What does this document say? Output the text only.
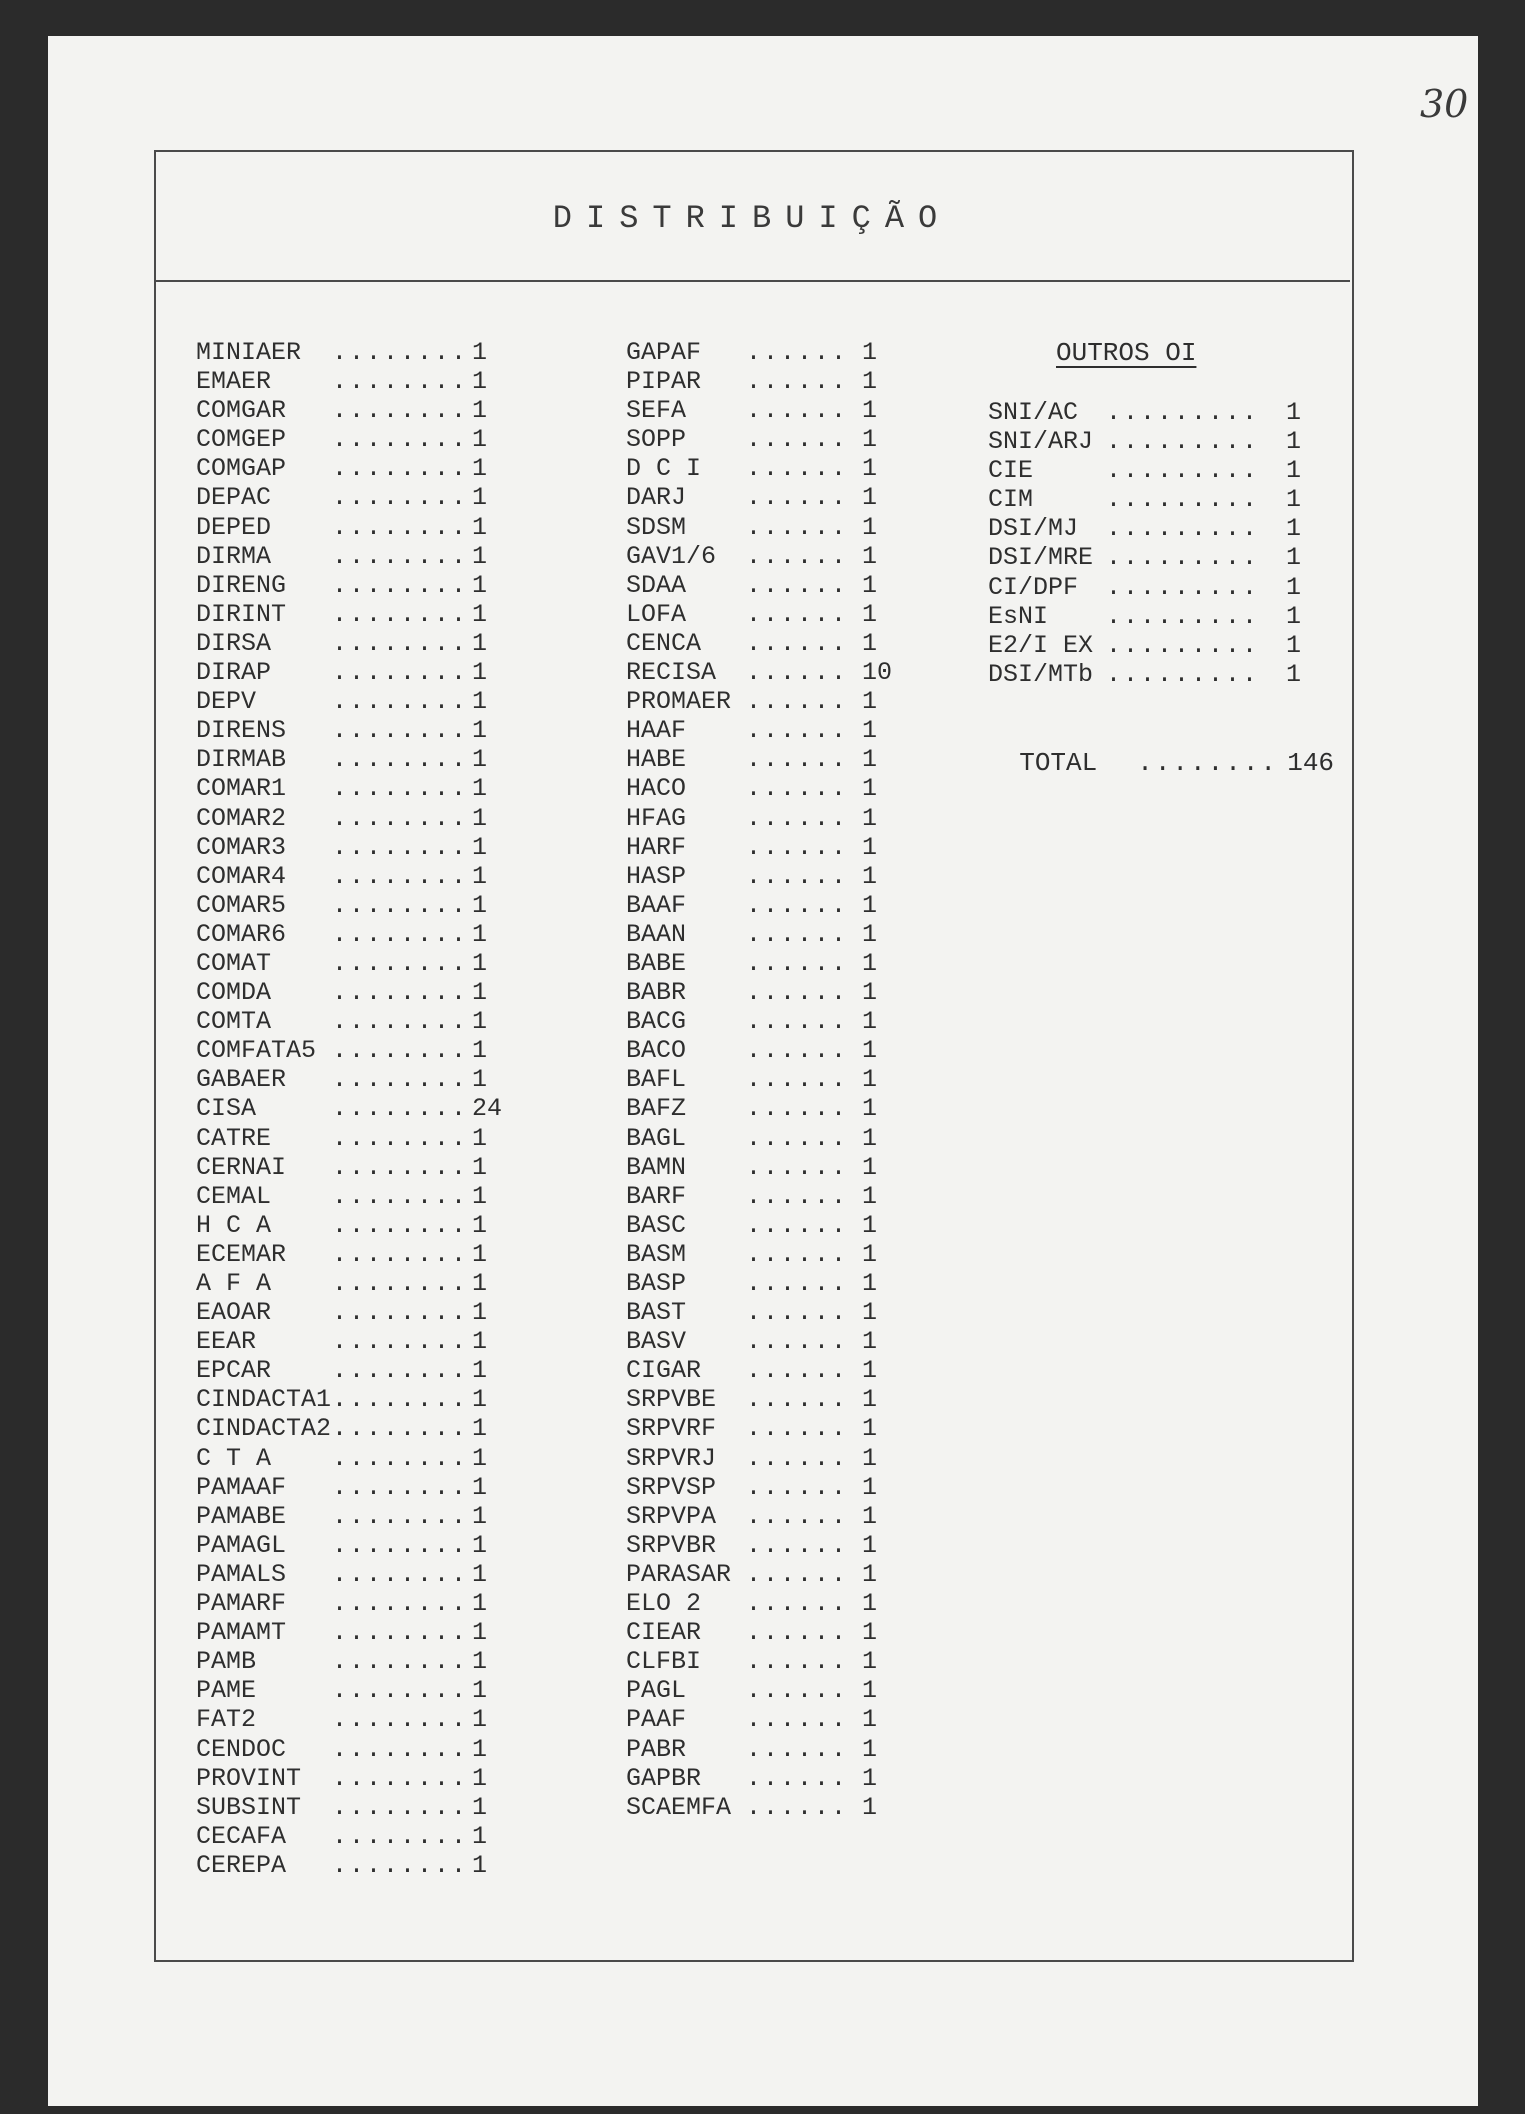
30
DISTRIBUIÇÃO
MINIAER ........ 1
EMAER ........ 1
COMGAR ........ 1
COMGEP ........ 1
COMGAP ........ 1
DEPAC ........ 1
DEPED ........ 1
DIRMA ........ 1
DIRENG ........ 1
DIRINT ........ 1
DIRSA ........ 1
DIRAP ........ 1
DEPV	........ 1
DIRENS ........ 1
DIRMAB ........ 1
COMAR1 ........ 1
COMAR2 ........ 1
COMAR3 ........ 1
COMAR4 ........ 1
COMAR5 ........ 1
COMAR6 ........ 1
COMAT ........ 1
COMDA ........ 1
COMTA ........ 1
COMFATA5 ........ 1
GABAER ........ 1
CISA	........ 24
CATRE ........ 1
CERNAI ........ 1
CEMAL ........ 1
H C A ........ 1
ECEMAR ........ 1
A F A ........ 1
EAOAR ........ 1
EEAR	........ 1
EPCAR ........ 1
CINDACTA1........ 1
CINDACTA2........ 1
C T A ........ 1
PAMAAF ........ 1
PAMABE ........ 1
PAMAGL ........ 1
PAMALS ........ 1
PAMARF ........ 1
PAMAMT ........ 1
PAMB	........ 1
PAME	........ 1
FAT2	........ 1
CENDOC ........ 1
PROVINT ........ 1
SUBSINT ........ 1
CECAFA ........ 1
CEREPA ........ 1
GAPAF ...... 1
PIPAR ...... 1
SEFA ...... 1
SOPP ...... 1
D C I ...... 1
DARJ ...... 1
SDSM ...... 1
GAV1/6 ...... 1
SDAA ...... 1
LOFA ...... 1
CENCA ...... 1
RECISA ...... 10
PROMAER ...... 1
HAAF ...... 1
HABE ...... 1
HACO ...... 1
HFAG ...... 1
HARF ...... 1
HASP ...... 1
BAAF ...... 1
BAAN ...... 1
BABE ...... 1
BABR ...... 1
BACG ...... 1
BACO ...... 1
BAFL ...... 1
BAFZ ...... 1
BAGL ...... 1
BAMN ...... 1
BARF ...... 1
BASC ...... 1
BASM ...... 1
BASP ...... 1
BAST ...... 1
BASV ...... 1
CIGAR ...... 1
SRPVBE ...... 1
SRPVRF ...... 1
SRPVRJ ...... 1
SRPVSP ...... 1
SRPVPA ...... 1
SRPVBR ...... 1
PARASAR ...... 1
ELO 2 ...... 1
CIEAR ...... 1
CLFBI ...... 1
PAGL ...... 1
PAAF ...... 1
PABR ...... 1
GAPBR ...... 1
SCAEMFA ...... 1
OUTROS OI
SNI/AC ......... 1
SNI/ARJ ......... 1
CIE	......... 1
CIM	......... 1
DSI/MJ ......... 1
DSI/MRE ......... 1
CI/DPF ......... 1
EsNI ......... 1
E2/I EX ......... 1
DSI/MTb ......... 1

TOTAL ........ 146
